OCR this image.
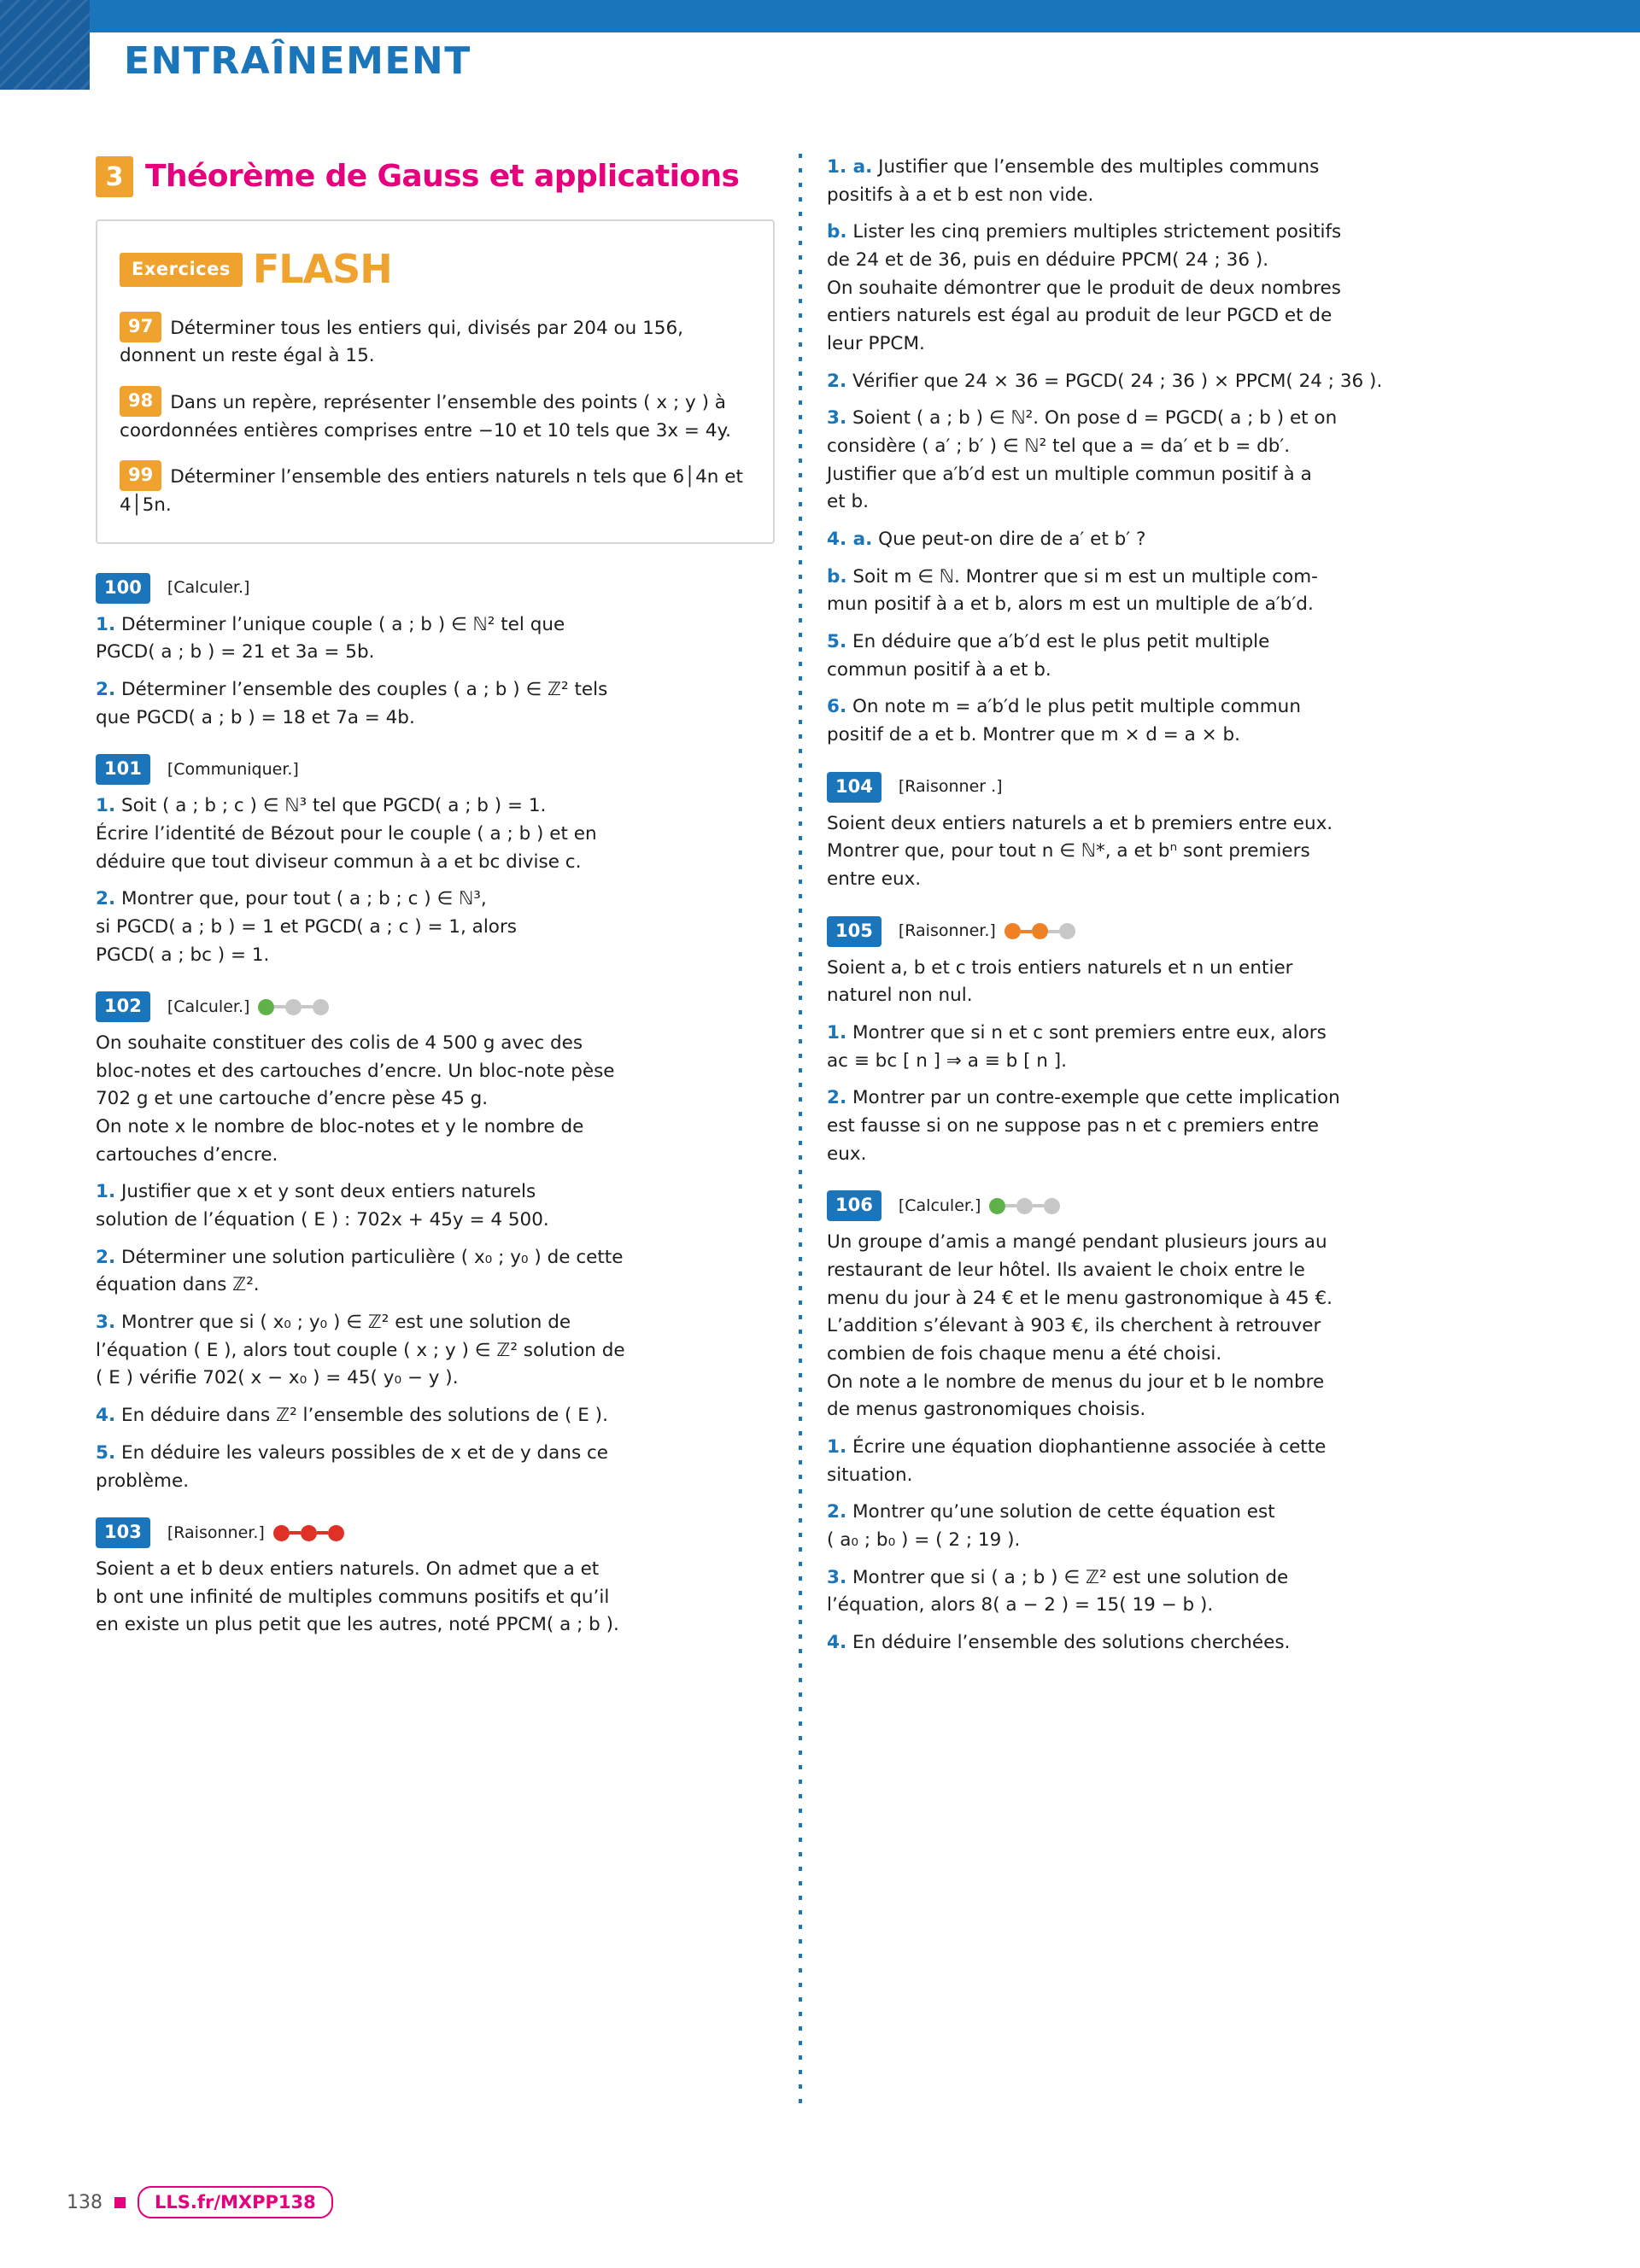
ENTRAÎNEMENT
3 Théorème de Gauss et applications
Exercices FLASH
97 Déterminer tous les entiers qui, divisés par 204 ou 156, donnent un reste égal à 15.
98 Dans un repère, représenter l’ensemble des points ( x ; y ) à coordonnées entières comprises entre −10 et 10 tels que 3x = 4y.
99 Déterminer l’ensemble des entiers naturels n tels que 6│4n et 4│5n.
100	[Calculer.]

1. Déterminer l’unique couple ( a ; b ) ∈ ℕ² tel que
PGCD( a ; b ) = 21 et 3a = 5b.

2. Déterminer l’ensemble des couples ( a ; b ) ∈ ℤ² tels
que PGCD( a ; b ) = 18 et 7a = 4b.

101	[Communiquer.]

1. Soit ( a ; b ; c ) ∈ ℕ³ tel que PGCD( a ; b ) = 1.
Écrire l’identité de Bézout pour le couple ( a ; b ) et en
déduire que tout diviseur commun à a et bc divise c.

2. Montrer que, pour tout ( a ; b ; c ) ∈ ℕ³,
si PGCD( a ; b ) = 1 et PGCD( a ; c ) = 1, alors
PGCD( a ; bc ) = 1.

102	[Calculer.]

On souhaite constituer des colis de 4 500 g avec des
bloc-notes et des cartouches d’encre. Un bloc-note pèse
702 g et une cartouche d’encre pèse 45 g.
On note x le nombre de bloc-notes et y le nombre de
cartouches d’encre.

1. Justifier que x et y sont deux entiers naturels
solution de l’équation ( E ) : 702x + 45y = 4 500.

2. Déterminer une solution particulière ( x₀ ; y₀ ) de cette
équation dans ℤ².

3. Montrer que si ( x₀ ; y₀ ) ∈ ℤ² est une solution de
l’équation ( E ), alors tout couple ( x ; y ) ∈ ℤ² solution de
( E ) vérifie 702( x − x₀ ) = 45( y₀ − y ).

4. En déduire dans ℤ² l’ensemble des solutions de ( E ).

5. En déduire les valeurs possibles de x et de y dans ce
problème.

103	[Raisonner.]

Soient a et b deux entiers naturels. On admet que a et
b ont une infinité de multiples communs positifs et qu’il
en existe un plus petit que les autres, noté PPCM( a ; b ).

1. a. Justifier que l’ensemble des multiples communs
positifs à a et b est non vide.

b. Lister les cinq premiers multiples strictement positifs
de 24 et de 36, puis en déduire PPCM( 24 ; 36 ).
On souhaite démontrer que le produit de deux nombres
entiers naturels est égal au produit de leur PGCD et de
leur PPCM.

2. Vérifier que 24 × 36 = PGCD( 24 ; 36 ) × PPCM( 24 ; 36 ).

3. Soient ( a ; b ) ∈ ℕ². On pose d = PGCD( a ; b ) et on
considère ( a′ ; b′ ) ∈ ℕ² tel que a = da′ et b = db′.
Justifier que a′b′d est un multiple commun positif à a
et b.

4. a. Que peut-on dire de a′ et b′ ?

b. Soit m ∈ ℕ. Montrer que si m est un multiple com-
mun positif à a et b, alors m est un multiple de a′b′d.

5. En déduire que a′b′d est le plus petit multiple
commun positif à a et b.

6. On note m = a′b′d le plus petit multiple commun
positif de a et b. Montrer que m × d = a × b.

104	[Raisonner .]

Soient deux entiers naturels a et b premiers entre eux.
Montrer que, pour tout n ∈ ℕ*, a et bⁿ sont premiers
entre eux.

105	[Raisonner.]

Soient a, b et c trois entiers naturels et n un entier
naturel non nul.

1. Montrer que si n et c sont premiers entre eux, alors
ac ≡ bc [ n ] ⇒ a ≡ b [ n ].

2. Montrer par un contre-exemple que cette implication
est fausse si on ne suppose pas n et c premiers entre
eux.

106	[Calculer.]

Un groupe d’amis a mangé pendant plusieurs jours au
restaurant de leur hôtel. Ils avaient le choix entre le
menu du jour à 24 € et le menu gastronomique à 45 €.
L’addition s’élevant à 903 €, ils cherchent à retrouver
combien de fois chaque menu a été choisi.
On note a le nombre de menus du jour et b le nombre
de menus gastronomiques choisis.

1. Écrire une équation diophantienne associée à cette
situation.

2. Montrer qu’une solution de cette équation est
( a₀ ; b₀ ) = ( 2 ; 19 ).

3. Montrer que si ( a ; b ) ∈ ℤ² est une solution de
l’équation, alors 8( a − 2 ) = 15( 19 − b ).

4. En déduire l’ensemble des solutions cherchées.

138	LLS.fr/MXPP138
